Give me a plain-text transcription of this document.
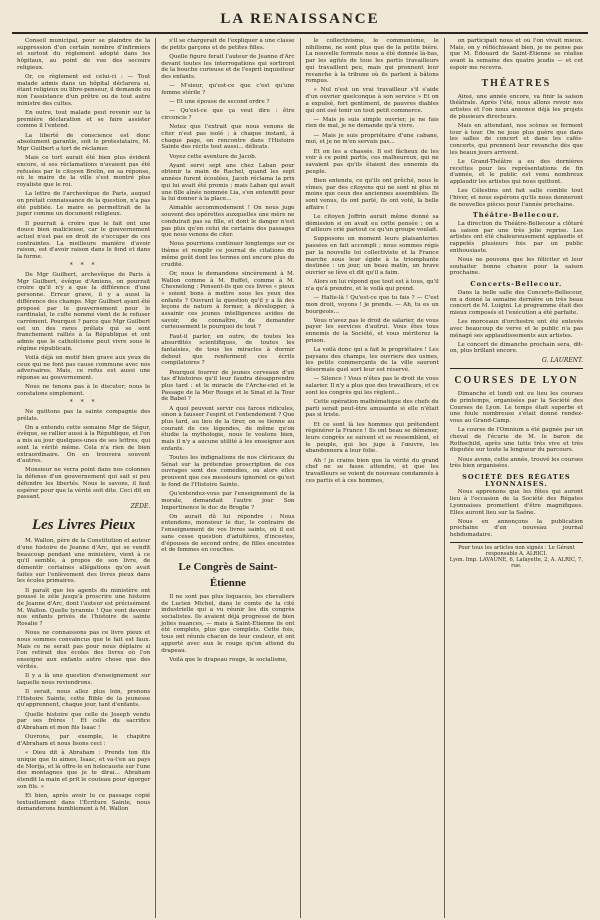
LA RENAISSANCE

Conseil municipal, pour se plaindre de la suppression d'un certain nombre d'infirmiers et surtout du réglement adopté dans les hôpitaux, au point de vue des secours religieux.

Or, ce règlement est celui-ci : — Tout malade admis dans un hôpital déclarera si, étant religieux ou libre-penseur, il demande ou non l'assistance d'un prêtre ou de tout autre ministre des cultes.

En outre, tout malade peut revenir sur la première déclaration et se faire assister comme il l'entend.

La liberté de conscience est donc absolument garantie, soit le protestataire, M. Mgr Guilbert a tort de réclamer.

Mais ce tort aurait été bien plus évident encore, si ses réclamations n'avaient pas été refusées par le citoyen Brelin, en sa réponse, où le maire de la ville s'est montré plus royaliste que le roi.

La lettre de l'archevêque de Paris, auquel on prétait connaissance de la question, n'a pas été publiée. Le maire se permettrait de la juger comme un document religieux.

Il pourrait à croire que le fait ont une douce bien malicieuse, car le gouvernement actuel n'est pas en droit de s'occuper de ces contraintes. La meilleure manière d'avoir raison, est d'avoir raison dans le fond et dans la forme.

* * *

De Mgr Guilbert, archevêque de Paris à Mgr Guilbert, évêque d'Amiens, on pourrait croire qu'il n'y a que la différence d'une personne. Erreur grave, il y a aussi la différence des champs. Mgr Guilbert ayant été proposé par le gouvernement pour le cardinalat, le culte nommé vient de le refuser carrément. Pourquoi ? parce que Mgr Guilbert est un des rares prélats qui se sont franchement ralliés à la République et ont admis que le catholicisme peut vivre sous le régime républicain.

Voilà déjà un motif bien grave aux yeux de ceux qui ne font pas cause commune avec nos adversaires. Mais, ce refus est aussi une réponse au gouvernement.

Nous ne tenons pas à le discuter; nous le constatons simplement.

* * *

Ne quittons pas la sainte compagnie des prélats.

On a entendu cette semaine Mgr de Ségur, évêque, se rallier aussi à la République, et l'on a mis au jour quelques-unes de ses lettres, qui sont la vérité même. Cela n'a rien de bien extraordinaire. On en trouvera souvent d'autres.

Monsieur ne verra point dans nos colonnes la défense d'un gouvernement qui sait si peu défendre les libertés. Nous le savons, il faut espérer pour que la vérité soit dite. Ceci dit en passant.

ZÈDE.
Les Livres Pieux

M. Wallon, père de la Constitution et auteur d'une histoire de Jeanne d'Arc, qui se vendit beaucoup pendant une ministère, vient à ce qu'il semble, à propos de son livre, de démentir certaines allégations qu'on avait faites sur l'enlèvement des livres pieux dans les écoles primaires.

Il paraît que les agents du ministère ont poussé le zèle jusqu'à proscrire une histoire de Jeanne d'Arc, dont l'auteur est précisément M. Wallon. Quelle tyrannie ! Que vont devenir nos enfants privés de l'histoire de sainte Rosalie ?

Nous ne connaissons pas ce livre pieux et nous sommes convaincus que le fait est faux. Mais ce ne serait pas pour nous déplaire si l'on retirait des écoles des livres où l'on enseigne aux enfants autre chose que des vérités.

Il y a là une question d'enseignement sur laquelle nous reviendrons.

Il serait, nous allez plus loin, prenons l'Histoire Sainte, cette Bible de la jeunesse qu'apprennent, chaque jour, tant d'enfants.

Quelle histoire que celle de Joseph vendu par ses frères ! Et celle du sacrifice d'Abraham et mon fils Isaac !

Ouvrons, par exemple, le chapitre d'Abraham et nous lisons ceci :

« Dieu dit à Abraham : Prends ton fils unique que tu aimes, Isaac, et va-t'en au pays de Morija, et là offre-le en holocauste sur l'une des montagnes que je te dirai... Abraham étendit la main et prit le couteau pour égorger son fils. »

Et bien, après avoir lu ce passage copié textuellement dans l'Écriture Sainte, nous demanderons humblement à M. Wallon

s'il se chargerait de l'expliquer à une classe de petits garçons et de petites filles.

Quelle figure ferait l'auteur de Jeanne d'Arc devant toutes les interrogations qui sortiront de la bouche curieuse et de l'esprit inquisiteur des enfants.

— M'sieur, qu'est-ce que c'est qu'une femme stérile ?

— Et une épouse de second ordre ?

— Qu'est-ce que ça veut dire : être circoncis ?

Notez que l'extrait que nous venons de citer n'est pas isolé ; à chaque instant, à chaque page, on rencontre dans l'Histoire Sainte des récits tout aussi... délicats.

Voyez cette aventure de Jacob.

Ayant servi sept ans chez Laban pour obtenir la main de Rachel, quand les sept années furent écoulées, Jacob réclama la prix qui lui avait été promis ; mais Laban qui avait une fille aînée nommée Lia, s'en entendit pour la lui donner à la place...

Aimable accommodement ! On nous juge souvent des opérettes auxquelles une mère ne conduirait pas sa fille, et dont le danger n'est pas plus qu'en celui de certains des passages que nous venons de citer.

Nous pourrions continuer longtemps sur ce thème et remplir ce journal de citations du même goût dont les termes ont encore plus de crudité.

Or, nous le demandons sincèrement à M. Wallon comme à M. Buffet, comme à M. Chesnelong : Pensent-ils que ces livres « pieux » soient bons à mettre sous les yeux des enfants ? Ouvrant la question qu'il y a là des leçons de nature à former, à développer, à assainir ces jeunes intelligences avides de savoir, de connaître, de demander curieusement le pourquoi de tout ?

Faut-il parler, en outre, de toutes les absurdités scientifiques, de toutes les fantaisies, de tous les miracles à dormir debout que renferment ces écrits compilatoires ?

Pourquoi fourrer de jeunes cerveaux d'un tas d'histoires qu'il leur faudra désapprendre plus tard : et le miracle de l'Arche-ciel et le Passage de la Mer Rouge et le Sinaï et la Tour de Babel ?

A quoi peuvent servir ces farces ridicules, sinon à fausser l'esprit et l'entendement ? Que plus tard, au lieu de la tirer, on se tienne au courant de ces légendes, de même qu'on étudie la mythologie, nous le voulons bien, mais il n'y a aucune utilité à les enseigner aux enfants.

Toutes les indignations de nos cléricaux du Sénat sur la prétendue proscription de ces ouvrages sont des comédies, ou alors elles prouvent que ces messieurs ignorent ce qu'est le fond de l'Histoire Sainte.

Qu'entendez-vous par l'enseignement de la morale, demandait l'autre jour Son Impertinence le duc de Broglie ?

On aurait dû lui répondre : Nous entendons, monsieur le duc, le contraire de l'enseignement de vos livres saints, où il est sans cesse question d'adultères, d'incestes, d'épouses de second ordre, de filles enceintes et de femmes en couches.

Le Congrès de Saint-Étienne

Il ne sont pas plus loquaces, les chevaliers de Lucien Michel, dans le comte de la cité industrielle qui a vu réunir les dix congrès socialistes. Ils avaient déjà progressé de bien jolies nuances, — mais à Saint-Étienne ils ont été complets, plus que complets. Cette fois, tous ont réunis chacun de leur couleur, et ont apporté avec eux le rouge qu'on attend du drapeau.

Voilà que le drapeau rouge, le socialisme,

le collectivisme, le communisme, le nihilisme, ne sont plus que de la petite bière. La nouvelle formule nous a été donnée là-bas, par les agités de tous les partis travailleurs qui travaillent peu, mais qui prennent leur revanche à la tribune où ils parlent à bâtons rompus.

« Nul n'est un vrai travailleur s'il s'aide d'un ouvrier quelconque à son service » Et on a expulsé, fort gentiment, de pauvres diables qui ont osé tenir un tout petit commerce.

— Mais je suis simple ouvrier, je ne fais rien de mal, je ne demande qu'à vivre.

— Mais je suis propriétaire d'une cabane, moi, et je ne m'en servais pas...

Et on les a chassés. Il est fâcheux de les voir à ce point partis, ces malheureux, qui ne savaient pas qu'ils étaient des ennemis du peuple.

Bien entendu, ce qu'ils ont prêché, nous le vîmes, par des citoyens qui ne sont ni plus ni moins que ceux des anciennes assemblées. Ils sont venus, ils ont parlé, ils ont voté, la belle affaire !

Le citoyen Joffrin aurait même donné sa démission si on avait eu cette pensée ; on a d'ailleurs crié partout ce qu'un groupe voulait.

Supposons un moment leurs plaisanteries passées en fait accompli ; nous sommes régis par la nouvelle loi collectiviste et la France marche sous leur égide à la triomphante destinée : un jour, un beau matin, un brave ouvrier se lève et dit qu'il a faim.

Alors on lui répond que tout est à tous, qu'il n'a qu'à prendre, et le voilà qui prend.

— Halte-là ! Qu'est-ce que tu fais ? — C'est mon droit, voyons ! je prends. — Ah, tu es un bourgeois...

Vous n'avez pas le droit de salarier, de vous payer les services d'autrui. Vous êtes tous ennemis de la Société, et vous mériterez la prison.

La voilà donc qui a fait le propriétaire ! Les paysans des champs, les ouvriers des usines, les petits commerçants de la ville sauront désormais quel sort leur est réservé.

— Silence ! Vous n'êtes pas le droit de vous salarier. Il n'y a plus que des travailleurs, et ce sont les congrès qui les règlent...

Cette opération mathématique des chefs du parti serait peut-être amusante si elle n'était pas si triste.

Et ce sont là les hommes qui prétendent régénérer la France ! Ils ont beau se démener, leurs congrès se suivent et se ressemblent, et le peuple, qui les juge à l'œuvre, les abandonnera à leur folie.

Ah ! je crains bien que la vérité du grand chef ne se fasse attendre, et que les travailleurs se voient de nouveau condamnés à ces partis et à ces hommes,

on participait nous et où l'on vivait mieux. Mais, on y réfléchissant bien, je ne pense pas que M. Édouard de Saint-Étienne se réalise avant la semaine des quatre jeudis — et cet espoir me recevra.

THÉATRES

Ainsi, une année encore, va finir la saison théâtrale. Après l'été, nous allons revoir nos artistes et l'on nous annonce déjà les projets de plusieurs directeurs.

Mais en attendant, nos scènes se ferment tour à tour. On ne joue plus guère que dans les salles de concert et dans les cafés-concerts, qui prennent leur revanche dès que les beaux jours arrivent.

Le Grand-Théâtre a eu des dernières recettes pour les représentations de fin d'année, et le public est venu nombreux applaudir les artistes qui nous quittent.

Les Célestins ont fait salle comble tout l'hiver, et nous espérons qu'ils nous donneront de nouvelles pièces pour l'année prochaine.

Théâtre-Bellecour.

La direction du Théâtre-Bellecour a clôturé sa saison par une très jolie reprise. Les artistes ont été chaleureusement applaudis et rappelés plusieurs fois par un public enthousiaste.

Nous ne pouvons que les féliciter et leur souhaiter bonne chance pour la saison prochaine.

Concerts-Bellecour.

Dans la belle salle des Concerts-Bellecour, on a donné la semaine dernière un très beau concert de M. Luigini. Le programme était des mieux composés et l'exécution a été parfaite.

Les morceaux d'orchestre ont été enlevés avec beaucoup de verve et le public n'a pas ménagé ses applaudissements aux artistes.

Le concert de dimanche prochain sera, dit-on, plus brillant encore.

G. LAURENT.
COURSES DE LYON

Dimanche et lundi ont eu lieu les courses de printemps, organisées par la Société des Courses de Lyon. Le temps était superbe et une foule nombreuse s'était donné rendez-vous au Grand-Camp.

La course de l'Omnium a été gagnée par un cheval de l'écurie de M. le baron de Rothschild, après une lutte très vive et très disputée sur toute la longueur du parcours.

Nous avons, cette année, trouvé les courses très bien organisées.

SOCIÉTÉ DES RÉGATES LYONNAISES.

Nous apprenons que les fêtes qui auront lieu à l'occasion de la Société des Régates Lyonnaises promettent d'être magnifiques. Elles auront lieu sur la Saône.

Nous en annonçons la publication prochaine d'un nouveau journal hebdomadaire.

Pour tous les articles non signés : Le Gérant responsable A. ALRICI.
Lyon. Imp. LAVAUNE, 6, Lafayette, 2, A. ALRIC, 7, rue.
